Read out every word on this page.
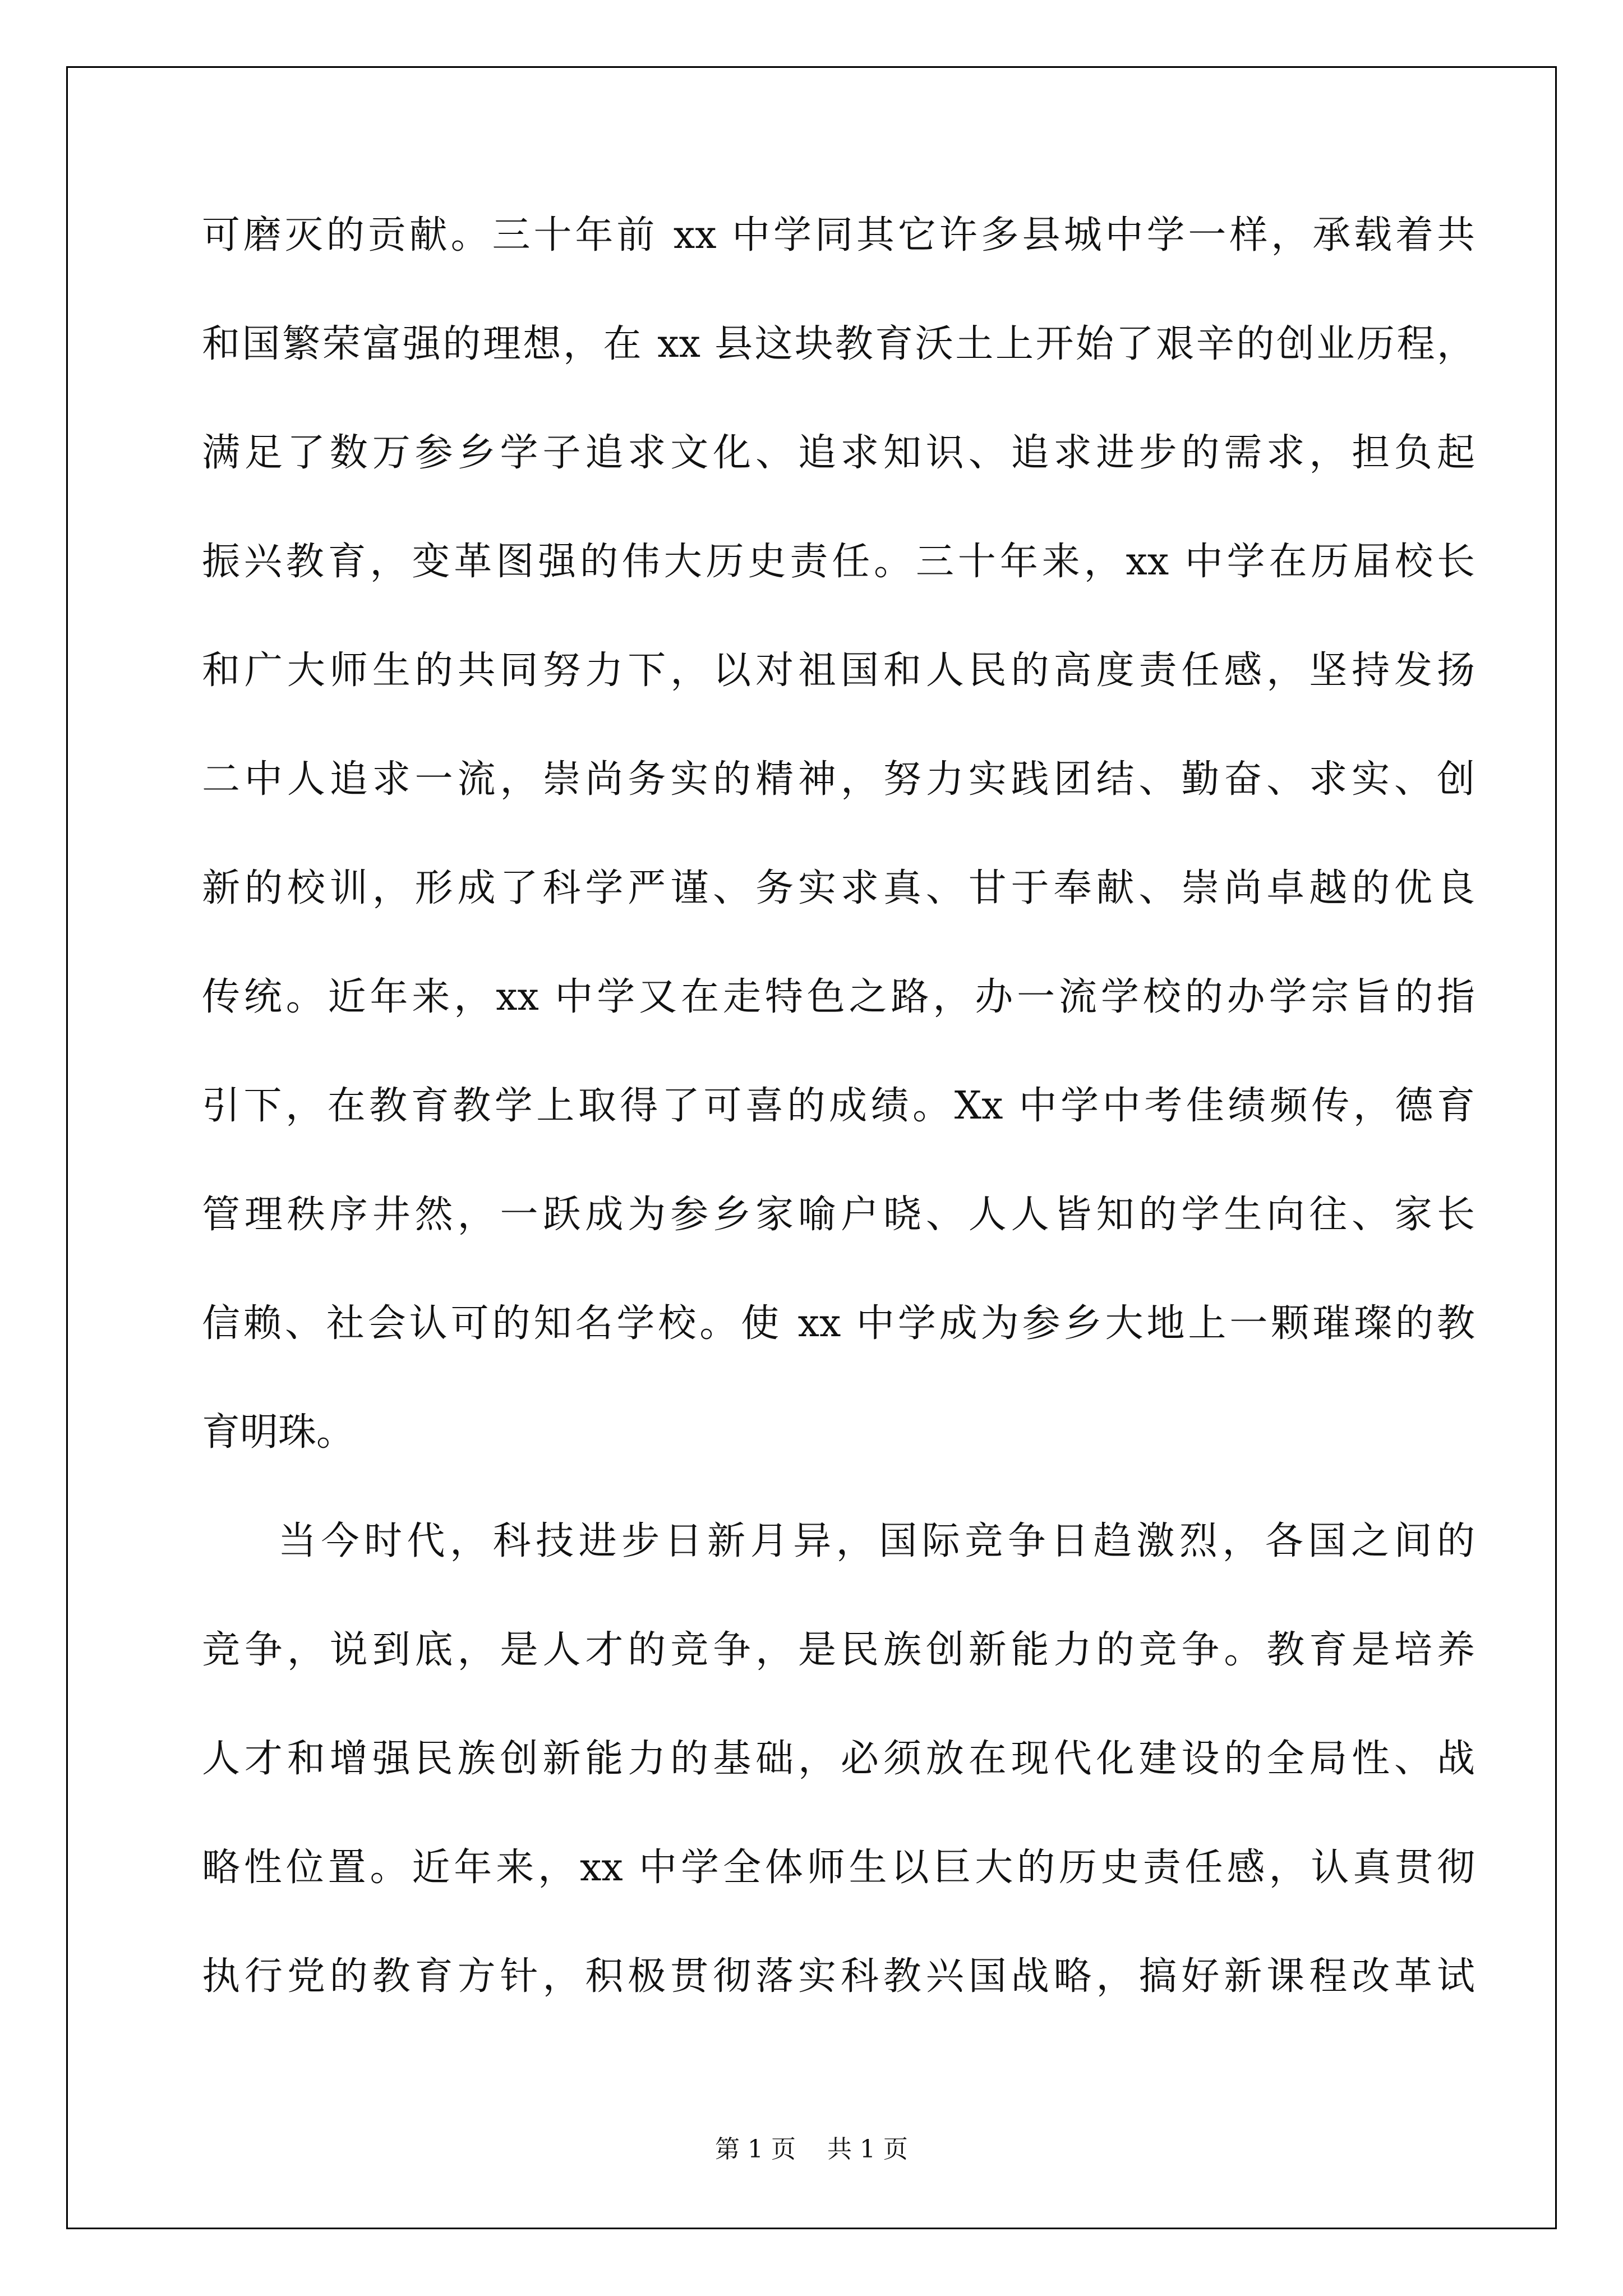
可磨灭的贡献。三十年前 xx 中学同其它许多县城中学一样，承载着共
和国繁荣富强的理想，在 xx 县这块教育沃土上开始了艰辛的创业历程，
满足了数万参乡学子追求文化、追求知识、追求进步的需求，担负起
振兴教育，变革图强的伟大历史责任。三十年来，xx 中学在历届校长
和广大师生的共同努力下，以对祖国和人民的高度责任感，坚持发扬
二中人追求一流，崇尚务实的精神，努力实践团结、勤奋、求实、创
新的校训，形成了科学严谨、务实求真、甘于奉献、崇尚卓越的优良
传统。近年来，xx 中学又在走特色之路，办一流学校的办学宗旨的指
引下，在教育教学上取得了可喜的成绩。Xx 中学中考佳绩频传，德育
管理秩序井然，一跃成为参乡家喻户晓、人人皆知的学生向往、家长
信赖、社会认可的知名学校。使 xx 中学成为参乡大地上一颗璀璨的教
育明珠。
当今时代，科技进步日新月异，国际竞争日趋激烈，各国之间的
竞争，说到底，是人才的竞争，是民族创新能力的竞争。教育是培养
人才和增强民族创新能力的基础，必须放在现代化建设的全局性、战
略性位置。近年来，xx 中学全体师生以巨大的历史责任感，认真贯彻
执行党的教育方针，积极贯彻落实科教兴国战略，搞好新课程改革试
第 1 页    共 1 页
